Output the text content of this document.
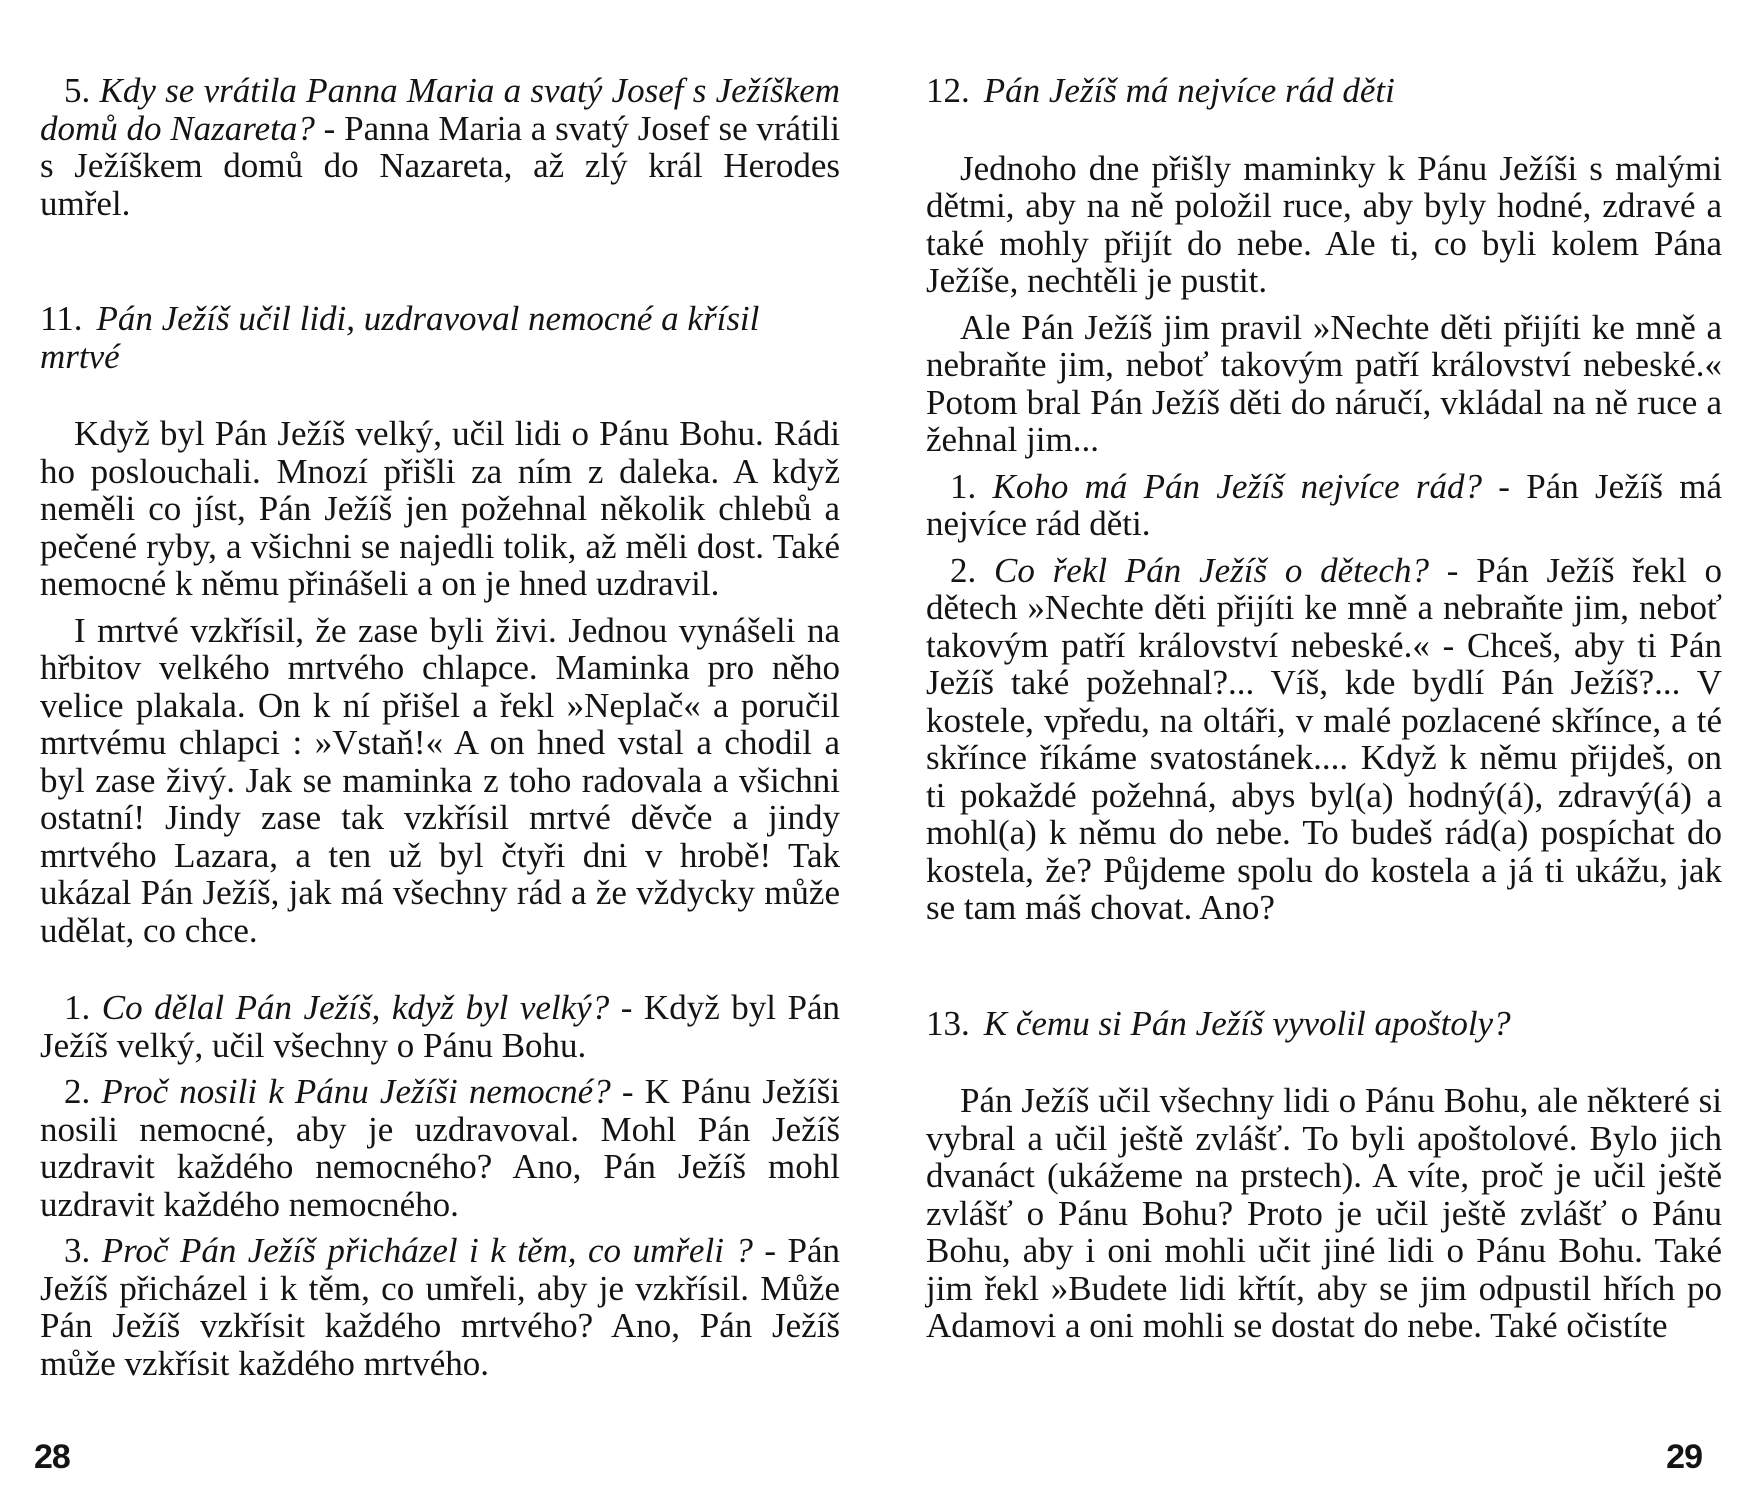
5. Kdy se vrátila Panna Maria a svatý Josef s Ježíškem domů do Nazareta? - Panna Maria a svatý Josef se vrátili s Ježíškem domů do Nazareta, až zlý král Herodes umřel.

11. Pán Ježíš učil lidi, uzdravoval nemocné a křísil mrtvé

Když byl Pán Ježíš velký, učil lidi o Pánu Bohu. Rádi ho poslouchali. Mnozí přišli za ním z daleka. A když neměli co jíst, Pán Ježíš jen požehnal několik chlebů a pečené ryby, a všichni se najedli tolik, až měli dost. Také nemocné k němu přinášeli a on je hned uzdravil.

I mrtvé vzkřísil, že zase byli živi. Jednou vynášeli na hřbitov velkého mrtvého chlapce. Maminka pro něho velice plakala. On k ní přišel a řekl »Neplač« a poručil mrtvému chlapci : »Vstaň!« A on hned vstal a chodil a byl zase živý. Jak se maminka z toho radovala a všichni ostatní! Jindy zase tak vzkřísil mrtvé děvče a jindy mrtvého Lazara, a ten už byl čtyři dni v hrobě! Tak ukázal Pán Ježíš, jak má všechny rád a že vždycky může udělat, co chce.

1. Co dělal Pán Ježíš, když byl velký? - Když byl Pán Ježíš velký, učil všechny o Pánu Bohu.

2. Proč nosili k Pánu Ježíši nemocné? - K Pánu Ježíši nosili nemocné, aby je uzdravoval. Mohl Pán Ježíš uzdravit každého nemocného? Ano, Pán Ježíš mohl uzdravit každého nemocného.

3. Proč Pán Ježíš přicházel i k těm, co umřeli ? - Pán Ježíš přicházel i k těm, co umřeli, aby je vzkřísil. Může Pán Ježíš vzkřísit každého mrtvého? Ano, Pán Ježíš může vzkřísit každého mrtvého.

28

12. Pán Ježíš má nejvíce rád děti

Jednoho dne přišly maminky k Pánu Ježíši s malými dětmi, aby na ně položil ruce, aby byly hodné, zdravé a také mohly přijít do nebe. Ale ti, co byli kolem Pána Ježíše, nechtěli je pustit.

Ale Pán Ježíš jim pravil »Nechte děti přijíti ke mně a nebraňte jim, neboť takovým patří království nebeské.« Potom bral Pán Ježíš děti do náručí, vkládal na ně ruce a žehnal jim...

1. Koho má Pán Ježíš nejvíce rád? - Pán Ježíš má nejvíce rád děti.

2. Co řekl Pán Ježíš o dětech? - Pán Ježíš řekl o dětech »Nechte děti přijíti ke mně a nebraňte jim, neboť takovým patří království nebeské.« - Chceš, aby ti Pán Ježíš také požehnal?... Víš, kde bydlí Pán Ježíš?... V kostele, vpředu, na oltáři, v malé pozlacené skřínce, a té skřínce říkáme svatostánek.... Když k němu přijdeš, on ti pokaždé požehná, abys byl(a) hodný(á), zdravý(á) a mohl(a) k němu do nebe. To budeš rád(a) pospíchat do kostela, že? Půjdeme spolu do kostela a já ti ukážu, jak se tam máš chovat. Ano?

13. K čemu si Pán Ježíš vyvolil apoštoly?

Pán Ježíš učil všechny lidi o Pánu Bohu, ale některé si vybral a učil ještě zvlášť. To byli apoštolové. Bylo jich dvanáct (ukážeme na prstech). A víte, proč je učil ještě zvlášť o Pánu Bohu? Proto je učil ještě zvlášť o Pánu Bohu, aby i oni mohli učit jiné lidi o Pánu Bohu. Také jim řekl »Budete lidi křtít, aby se jim odpustil hřích po Adamovi a oni mohli se dostat do nebe. Také očistíte

29
